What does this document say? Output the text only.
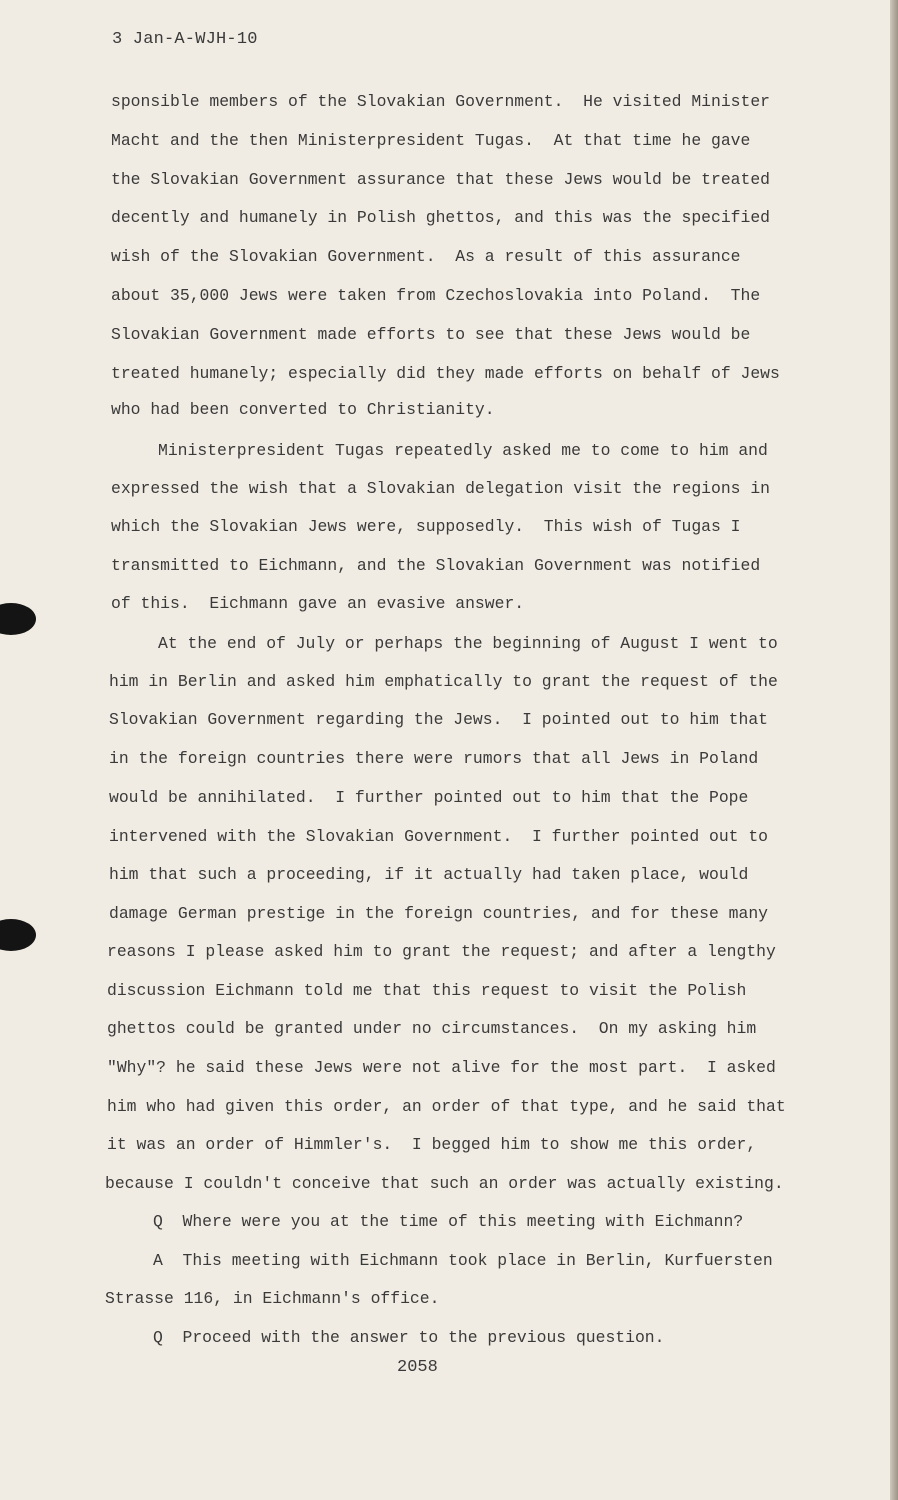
3 Jan-A-WJH-10
sponsible members of the Slovakian Government.  He visited Minister
Macht and the then Ministerpresident Tugas.  At that time he gave
the Slovakian Government assurance that these Jews would be treated
decently and humanely in Polish ghettos, and this was the specified
wish of the Slovakian Government.  As a result of this assurance
about 35,000 Jews were taken from Czechoslovakia into Poland.  The
Slovakian Government made efforts to see that these Jews would be
treated humanely; especially did they made efforts on behalf of Jews
who had been converted to Christianity.
Ministerpresident Tugas repeatedly asked me to come to him and
expressed the wish that a Slovakian delegation visit the regions in
which the Slovakian Jews were, supposedly.  This wish of Tugas I
transmitted to Eichmann, and the Slovakian Government was notified
of this.  Eichmann gave an evasive answer.
At the end of July or perhaps the beginning of August I went to
him in Berlin and asked him emphatically to grant the request of the
Slovakian Government regarding the Jews.  I pointed out to him that
in the foreign countries there were rumors that all Jews in Poland
would be annihilated.  I further pointed out to him that the Pope
intervened with the Slovakian Government.  I further pointed out to
him that such a proceeding, if it actually had taken place, would
damage German prestige in the foreign countries, and for these many
reasons I please asked him to grant the request; and after a lengthy
discussion Eichmann told me that this request to visit the Polish
ghettos could be granted under no circumstances.  On my asking him
"Why"? he said these Jews were not alive for the most part.  I asked
him who had given this order, an order of that type, and he said that
it was an order of Himmler's.  I begged him to show me this order,
because I couldn't conceive that such an order was actually existing.
Q  Where were you at the time of this meeting with Eichmann?
A  This meeting with Eichmann took place in Berlin, Kurfuersten
Strasse 116, in Eichmann's office.
Q  Proceed with the answer to the previous question.
2058
